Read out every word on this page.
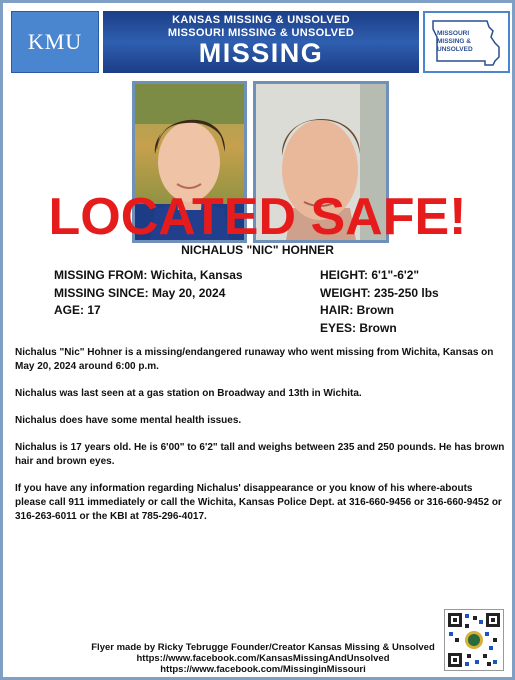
KMU
KANSAS MISSING & UNSOLVED
MISSOURI MISSING & UNSOLVED
MISSING
MISSOURI
MISSING &
UNSOLVED
LOCATED SAFE!
NICHALUS "NIC" HOHNER
MISSING FROM: Wichita, Kansas
MISSING SINCE: May 20, 2024
AGE: 17
HEIGHT: 6'1"-6'2"
WEIGHT: 235-250 lbs
HAIR: Brown
EYES: Brown

Nichalus "Nic" Hohner is a missing/endangered runaway who went missing from Wichita, Kansas on May 20, 2024 around 6:00 p.m.

Nichalus was last seen at a gas station on Broadway and 13th in Wichita.

Nichalus does have some mental health issues.

Nichalus is 17 years old. He is 6'00" to 6'2" tall and weighs between 235 and 250 pounds. He has brown hair and brown eyes.

If you have any information regarding Nichalus' disappearance or you know of his where-abouts please call 911 immediately or call the Wichita, Kansas Police Dept. at 316-660-9456 or 316-660-9452 or 316-263-6011 or the KBI at 785-296-4017.

Flyer made by Ricky Tebrugge Founder/Creator Kansas Missing & Unsolved
https://www.facebook.com/KansasMissingAndUnsolved
https://www.facebook.com/MissinginMissouri
